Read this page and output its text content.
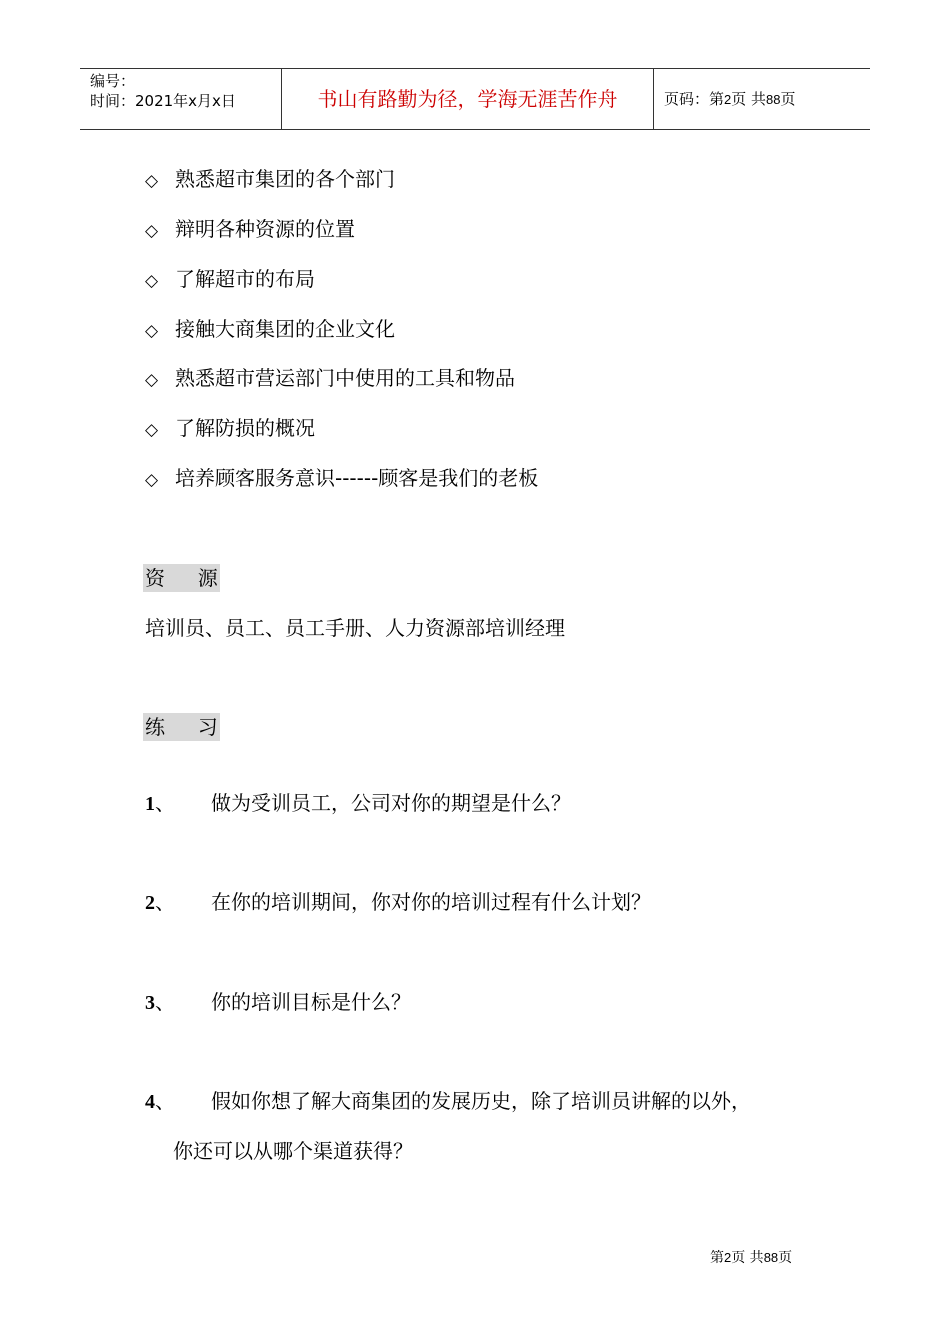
编号：
时间：2021年x月x日	书山有路勤为径，学海无涯苦作舟	页码：第2页 共88页
◇ 熟悉超市集团的各个部门
◇ 辩明各种资源的位置
◇ 了解超市的布局
◇ 接触大商集团的企业文化
◇ 熟悉超市营运部门中使用的工具和物品
◇ 了解防损的概况
◇ 培养顾客服务意识------顾客是我们的老板
资 源
培训员、员工、员工手册、人力资源部培训经理
练 习
1、 做为受训员工，公司对你的期望是什么？
2、 在你的培训期间，你对你的培训过程有什么计划？
3、 你的培训目标是什么？
4、 假如你想了解大商集团的发展历史，除了培训员讲解的以外，
你还可以从哪个渠道获得？
第2页 共88页
